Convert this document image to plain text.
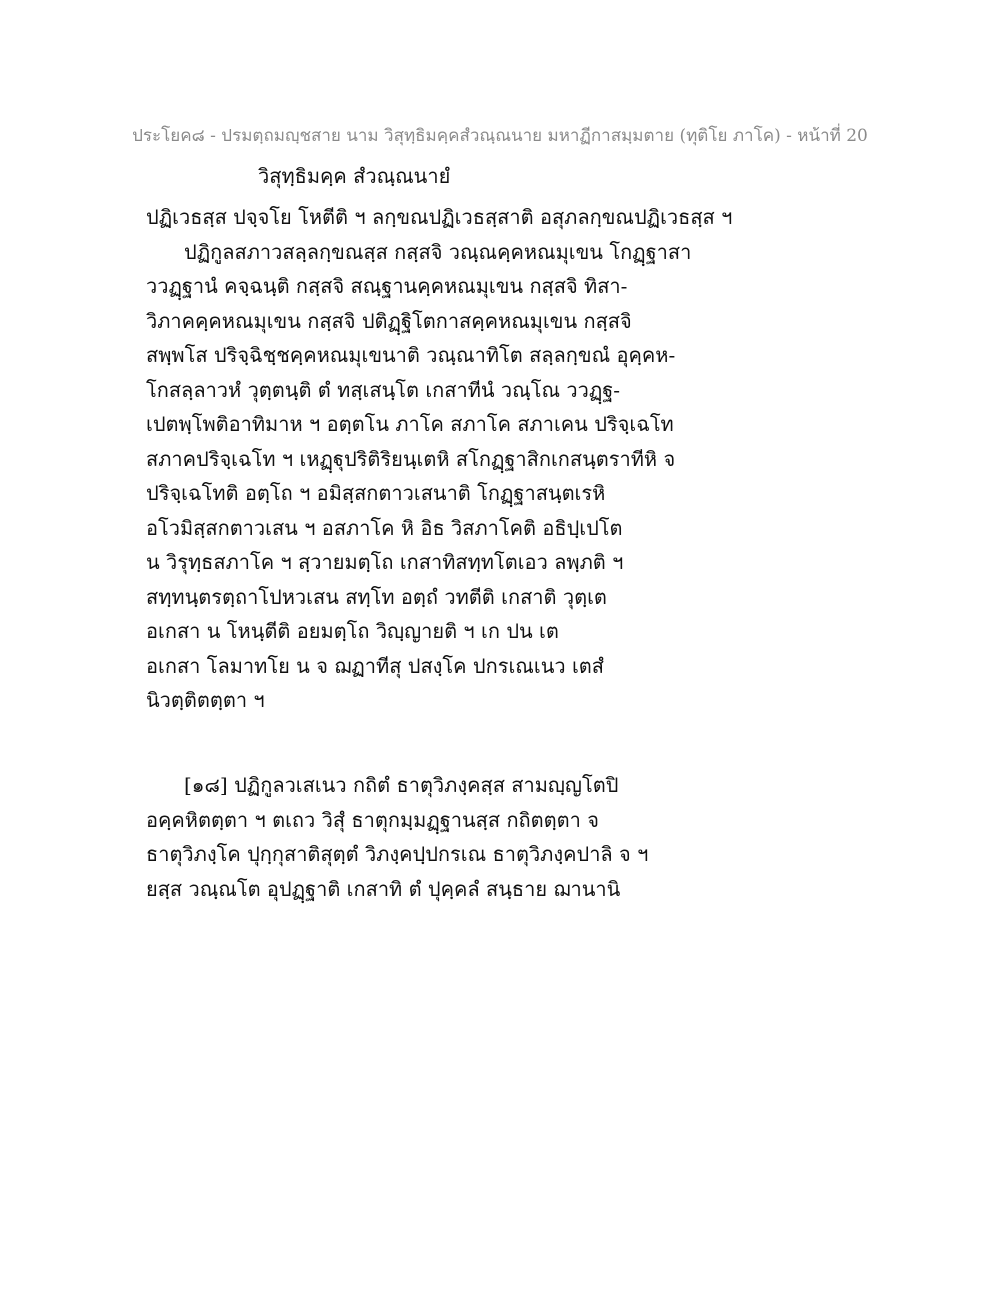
ประโยค๘ - ปรมตฺถมญฺชสาย นาม วิสุทฺธิมคฺคสํวณฺณนาย มหาฏีกาสมฺมตาย (ทุติโย ภาโค) - หน้าที่ 20
วิสุทฺธิมคฺค สํวณฺณนายํ
ปฏิเวธสฺส ปจฺจโย โหตีติ ฯ ลกฺขณปฏิเวธสฺสาติ อสุภลกฺขณปฏิเวธสฺส ฯ
ปฏิกูลสภาวสลฺลกฺขณสฺส กสฺสจิ วณฺณคฺคหณมุเขน โกฏฺฐาสา
ววฏฺฐานํ คจฺฉนฺติ กสฺสจิ สณฺฐานคฺคหณมุเขน กสฺสจิ ทิสา-
วิภาคคฺคหณมุเขน กสฺสจิ ปติฏฺฐิโตกาสคฺคหณมุเขน กสฺสจิ
สพฺพโส ปริจฺฉิชฺชคฺคหณมุเขนาติ วณฺณาทิโต สลฺลกฺขณํ อุคฺคห-
โกสลฺลาวหํ วุตฺตนฺติ ตํ ทสฺเสนฺโต เกสาทีนํ วณฺโณ ววฏฺฐ-
เปตพฺโพติอาทิมาห ฯ อตฺตโน ภาโค สภาโค สภาเคน ปริจฺเฉโท
สภาคปริจฺเฉโท ฯ เหฏฺฐุปริติริยนฺเตหิ สโกฏฺฐาสิกเกสนฺตราทีหิ จ
ปริจฺเฉโทติ อตฺโถ ฯ อมิสฺสกตาวเสนาติ โกฏฺฐาสนฺตเรหิ
อโวมิสฺสกตาวเสน ฯ อสภาโค หิ อิธ วิสภาโคติ อธิปฺเปโต
น วิรุทฺธสภาโค ฯ สฺวายมตฺโถ เกสาทิสทฺทโตเอว ลพฺภติ ฯ
สทฺทนฺตรตฺถาโปหวเสน สทฺโท อตฺถํ วทตีติ เกสาติ วุตฺเต
อเกสา น โหนฺตีติ อยมตฺโถ วิญฺญายติ ฯ เก ปน เต
อเกสา โลมาทโย น จ ฌฏาทีสุ ปสงฺโค ปกรเณเนว เตสํ
นิวตฺติตตฺตา ฯ
[๑๘] ปฏิกูลวเสเนว กถิตํ ธาตุวิภงฺคสฺส สามญฺญโตปิ
อคฺคหิตตฺตา ฯ ตเถว วิสุํ ธาตุกมฺมฏฺฐานสฺส กถิตตฺตา จ
ธาตุวิภงฺโค ปุกฺกุสาติสุตฺตํ วิภงฺคปฺปกรเณ ธาตุวิภงฺคปาลิ จ ฯ
ยสฺส วณฺณโต อุปฏฺฐาติ เกสาทิ ตํ ปุคฺคลํ สนฺธาย ฌานานิ
